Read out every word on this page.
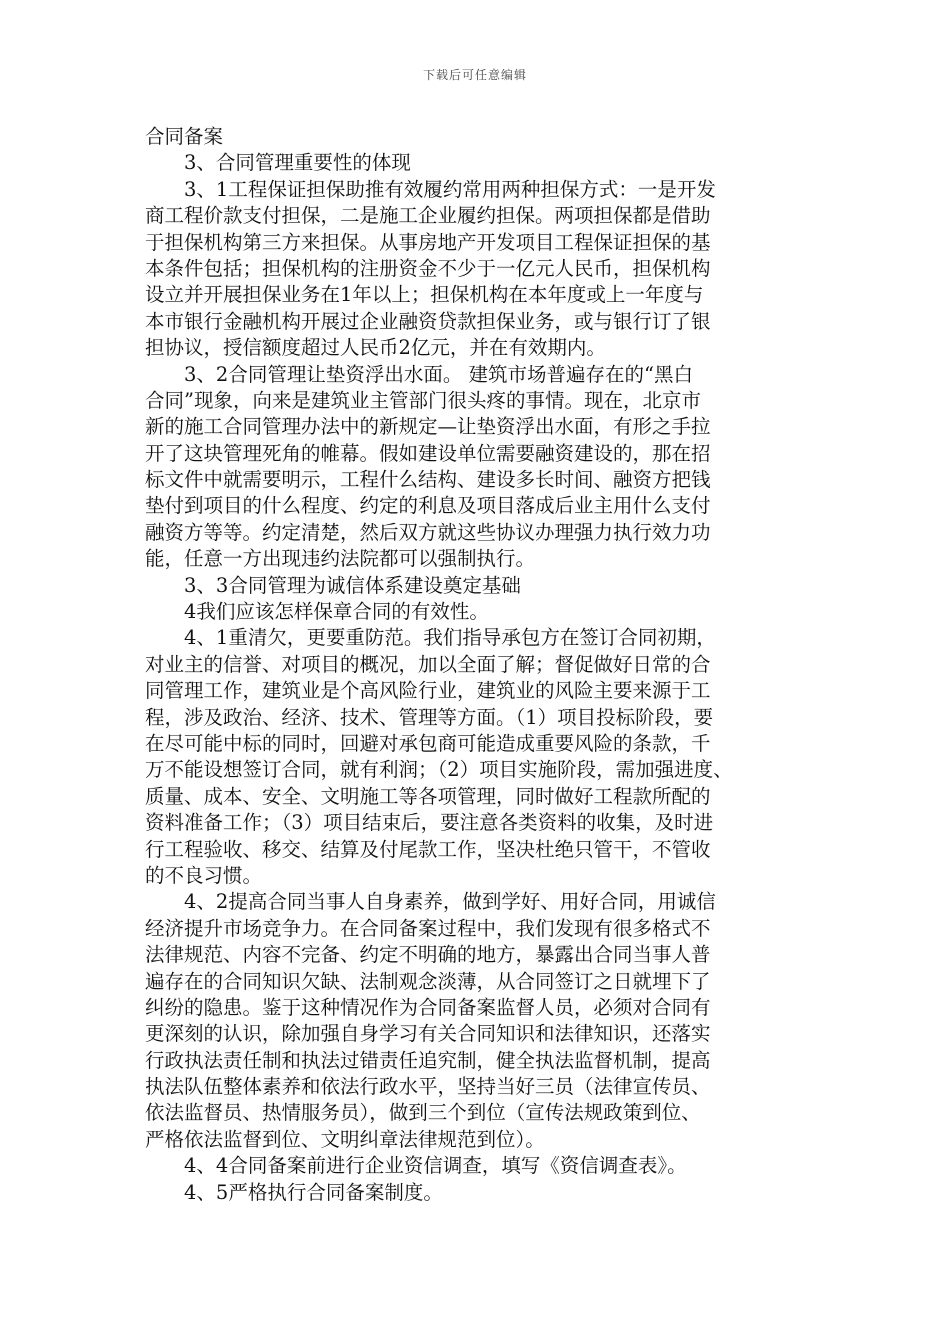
下载后可任意编辑
合同备案
3、合同管理重要性的体现
3、1工程保证担保助推有效履约常用两种担保方式：一是开发
商工程价款支付担保，二是施工企业履约担保。两项担保都是借助
于担保机构第三方来担保。从事房地产开发项目工程保证担保的基
本条件包括；担保机构的注册资金不少于一亿元人民币，担保机构
设立并开展担保业务在1年以上；担保机构在本年度或上一年度与
本市银行金融机构开展过企业融资贷款担保业务，或与银行订了银
担协议，授信额度超过人民币2亿元，并在有效期内。
3、2合同管理让垫资浮出水面。 建筑市场普遍存在的“黑白
合同”现象，向来是建筑业主管部门很头疼的事情。现在，北京市
新的施工合同管理办法中的新规定—让垫资浮出水面，有形之手拉
开了这块管理死角的帷幕。假如建设单位需要融资建设的，那在招
标文件中就需要明示，工程什么结构、建设多长时间、融资方把钱
垫付到项目的什么程度、约定的利息及项目落成后业主用什么支付
融资方等等。约定清楚，然后双方就这些协议办理强力执行效力功
能，任意一方出现违约法院都可以强制执行。
3、3合同管理为诚信体系建设奠定基础
4我们应该怎样保章合同的有效性。
4、1重清欠，更要重防范。我们指导承包方在签订合同初期，
对业主的信誉、对项目的概况，加以全面了解；督促做好日常的合
同管理工作，建筑业是个高风险行业，建筑业的风险主要来源于工
程，涉及政治、经济、技术、管理等方面。（1）项目投标阶段，要
在尽可能中标的同时，回避对承包商可能造成重要风险的条款，千
万不能设想签订合同，就有利润；（2）项目实施阶段，需加强进度、
质量、成本、安全、文明施工等各项管理，同时做好工程款所配的
资料准备工作；（3）项目结束后，要注意各类资料的收集，及时进
行工程验收、移交、结算及付尾款工作，坚决杜绝只管干，不管收
的不良习惯。
4、2提高合同当事人自身素养，做到学好、用好合同，用诚信
经济提升市场竞争力。在合同备案过程中，我们发现有很多格式不
法律规范、内容不完备、约定不明确的地方，暴露出合同当事人普
遍存在的合同知识欠缺、法制观念淡薄，从合同签订之日就埋下了
纠纷的隐患。鉴于这种情况作为合同备案监督人员，必须对合同有
更深刻的认识，除加强自身学习有关合同知识和法律知识，还落实
行政执法责任制和执法过错责任追究制，健全执法监督机制，提高
执法队伍整体素养和依法行政水平，坚持当好三员（法律宣传员、
依法监督员、热情服务员），做到三个到位（宣传法规政策到位、
严格依法监督到位、文明纠章法律规范到位）。
4、4合同备案前进行企业资信调查，填写《资信调查表》。
4、5严格执行合同备案制度。
